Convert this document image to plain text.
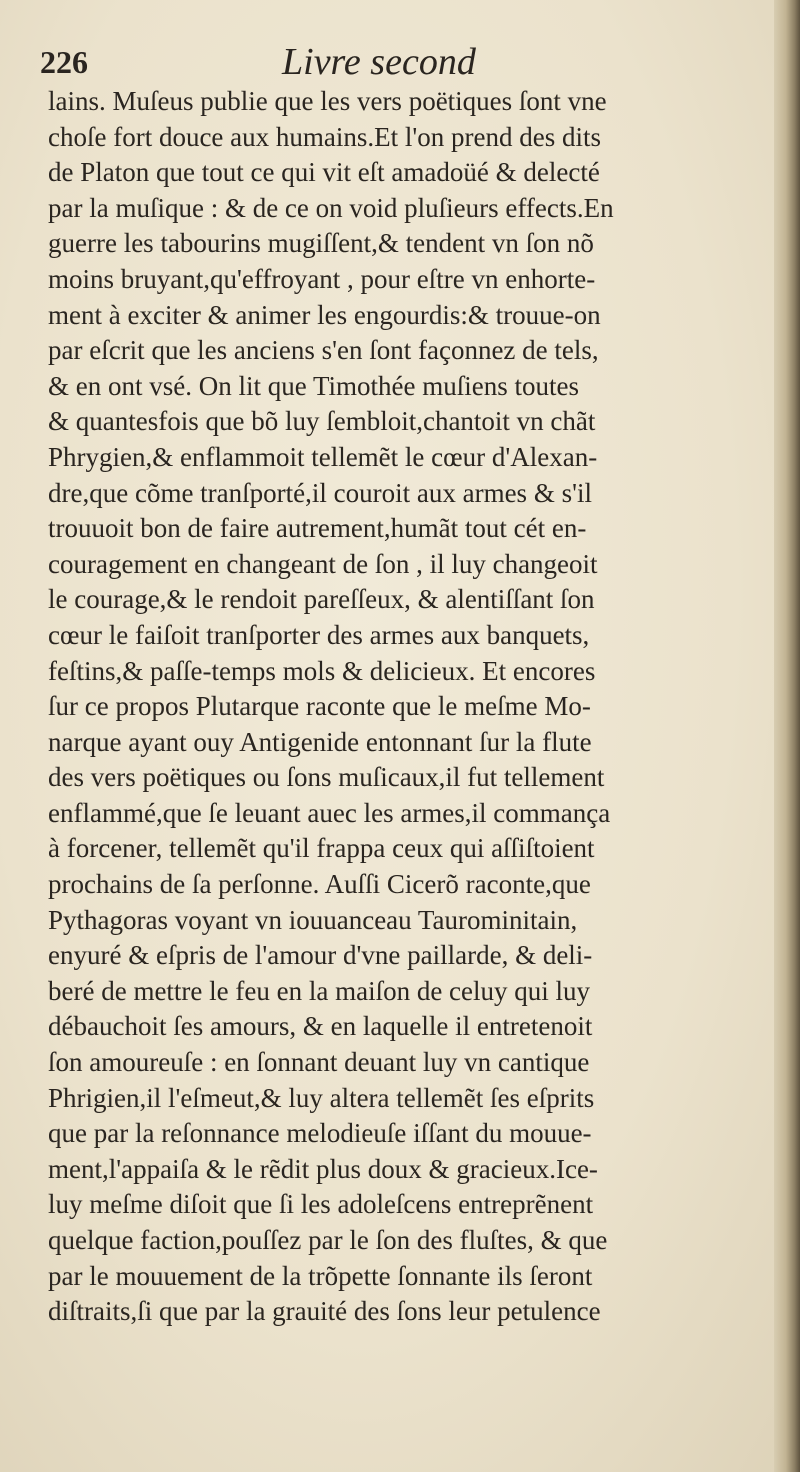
226	Livre second
lains. Muſeus publie que les vers poëtiques ſont vne
choſe fort douce aux humains.Et l'on prend des dits
de Platon que tout ce qui vit eſt amadoüé & delecté
par la muſique : & de ce on void pluſieurs effects.En
guerre les tabourins mugiſſent,& tendent vn ſon nõ
moins bruyant,qu'effroyant , pour eſtre vn enhorte-
ment à exciter & animer les engourdis:& trouue-on
par eſcrit que les anciens s'en ſont façonnez de tels,
& en ont vsé. On lit que Timothée muſiens toutes
& quantesfois que bõ luy ſembloit,chantoit vn chãt
Phrygien,& enflammoit tellemẽt le cœur d'Alexan-
dre,que cõme tranſporté,il couroit aux armes & s'il
trouuoit bon de faire autrement,humãt tout cét en-
couragement en changeant de ſon , il luy changeoit
le courage,& le rendoit pareſſeux, & alentiſſant ſon
cœur le faiſoit tranſporter des armes aux banquets,
feſtins,& paſſe-temps mols & delicieux. Et encores
ſur ce propos Plutarque raconte que le meſme Mo-
narque ayant ouy Antigenide entonnant ſur la flute
des vers poëtiques ou ſons muſicaux,il fut tellement
enflammé,que ſe leuant auec les armes,il commança
à forcener, tellemẽt qu'il frappa ceux qui aſſiſtoient
prochains de ſa perſonne. Auſſi Cicerõ raconte,que
Pythagoras voyant vn iouuanceau Taurominitain,
enyuré & eſpris de l'amour d'vne paillarde, & deli-
beré de mettre le feu en la maiſon de celuy qui luy
débauchoit ſes amours, & en laquelle il entretenoit
ſon amoureuſe : en ſonnant deuant luy vn cantique
Phrigien,il l'eſmeut,& luy altera tellemẽt ſes eſprits
que par la reſonnance melodieuſe iſſant du mouue-
ment,l'appaiſa & le rẽdit plus doux & gracieux.Ice-
luy meſme diſoit que ſi les adoleſcens entreprẽnent
quelque faction,pouſſez par le ſon des fluſtes, & que
par le mouuement de la trõpette ſonnante ils ſeront
diſtraits,ſi que par la grauité des ſons leur petulence
